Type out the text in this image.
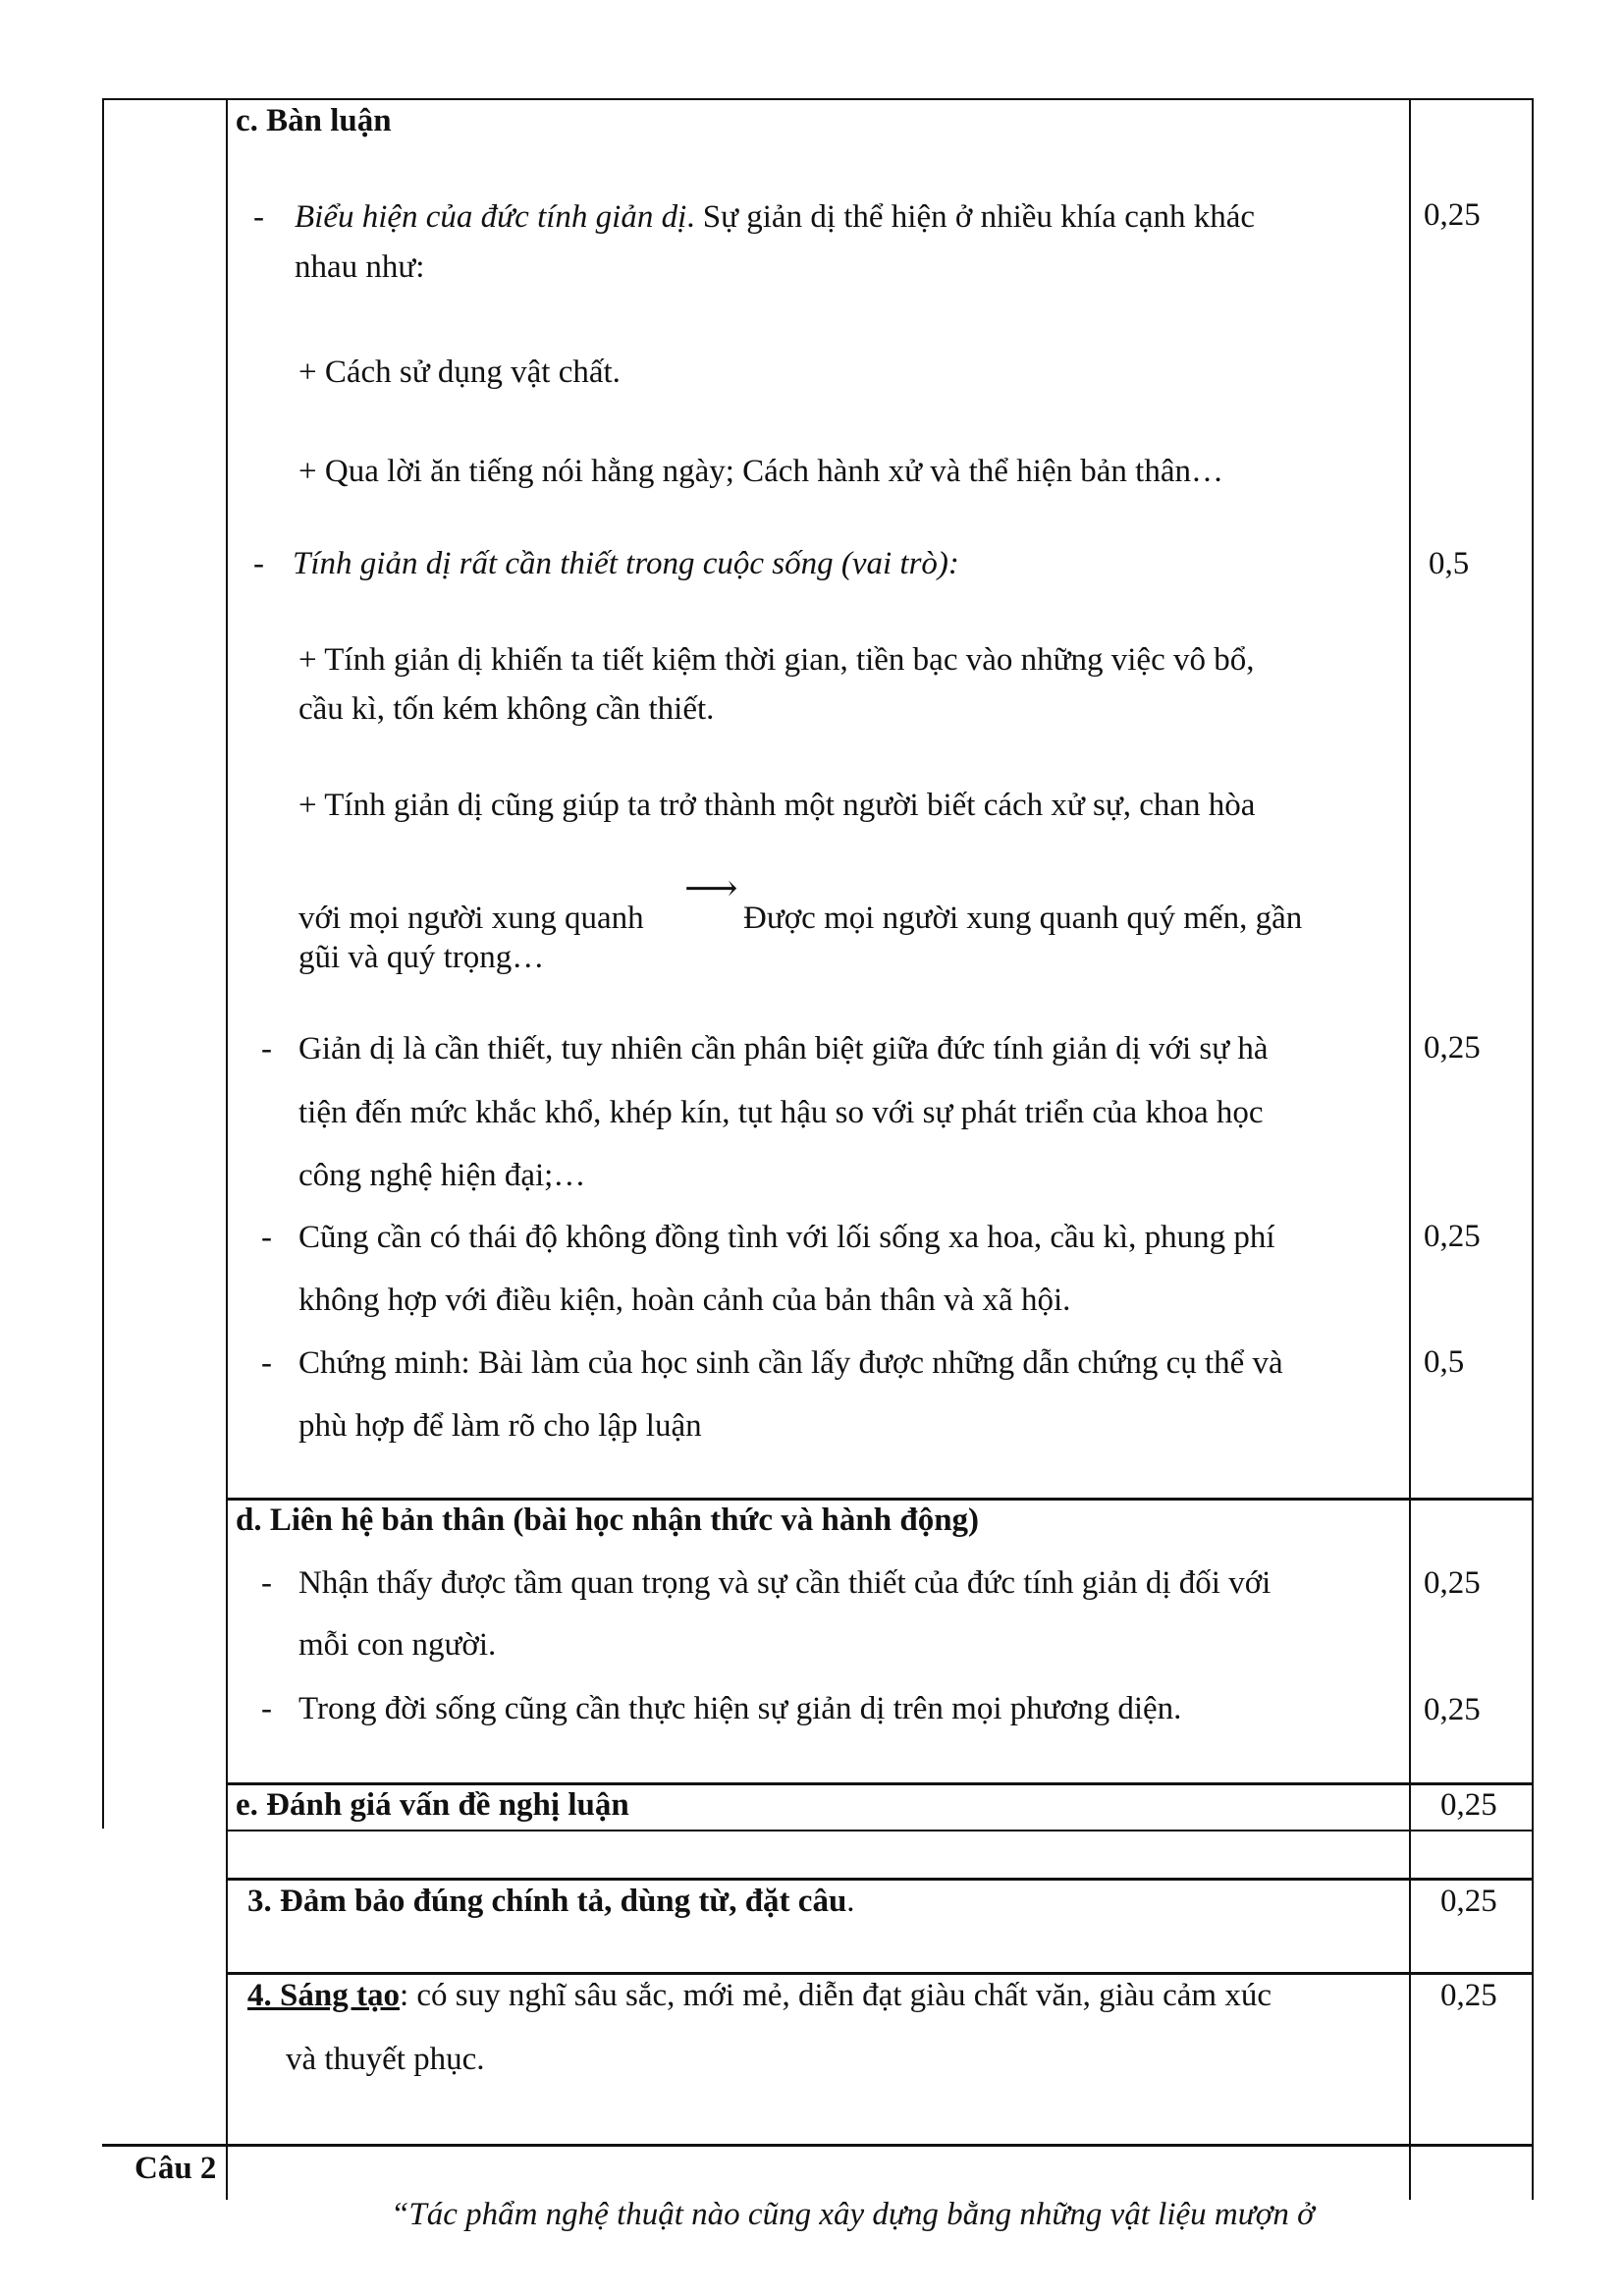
c. Bàn luận
- Biểu hiện của đức tính giản dị. Sự giản dị thể hiện ở nhiều khía cạnh khác
nhau như:
+ Cách sử dụng vật chất.
+ Qua lời ăn tiếng nói hằng ngày; Cách hành xử và thể hiện bản thân…
- Tính giản dị rất cần thiết trong cuộc sống (vai trò):
+ Tính giản dị khiến ta tiết kiệm thời gian, tiền bạc vào những việc vô bổ,
cầu kì, tốn kém không cần thiết.
+ Tính giản dị cũng giúp ta trở thành một người biết cách xử sự, chan hòa
với mọi người xung quanh
⟶
Được mọi người xung quanh quý mến, gần
gũi và quý trọng…
- Giản dị là cần thiết, tuy nhiên cần phân biệt giữa đức tính giản dị với sự hà
tiện đến mức khắc khổ, khép kín, tụt hậu so với sự phát triển của khoa học
công nghệ hiện đại;…
- Cũng cần có thái độ không đồng tình với lối sống xa hoa, cầu kì, phung phí
không hợp với điều kiện, hoàn cảnh của bản thân và xã hội.
- Chứng minh: Bài làm của học sinh cần lấy được những dẫn chứng cụ thể và
phù hợp để làm rõ cho lập luận
d. Liên hệ bản thân (bài học nhận thức và hành động)
- Nhận thấy được tầm quan trọng và sự cần thiết của đức tính giản dị đối với
mỗi con người.
- Trong đời sống cũng cần thực hiện sự giản dị trên mọi phương diện.
e. Đánh giá vấn đề nghị luận
3. Đảm bảo đúng chính tả, dùng từ, đặt câu.
4. Sáng tạo: có suy nghĩ sâu sắc, mới mẻ, diễn đạt giàu chất văn, giàu cảm xúc
và thuyết phục.
Câu 2
“Tác phẩm nghệ thuật nào cũng xây dựng bằng những vật liệu mượn ở
0,25
0,5
0,25
0,25
0,5
0,25
0,25
0,25
0,25
0,25
